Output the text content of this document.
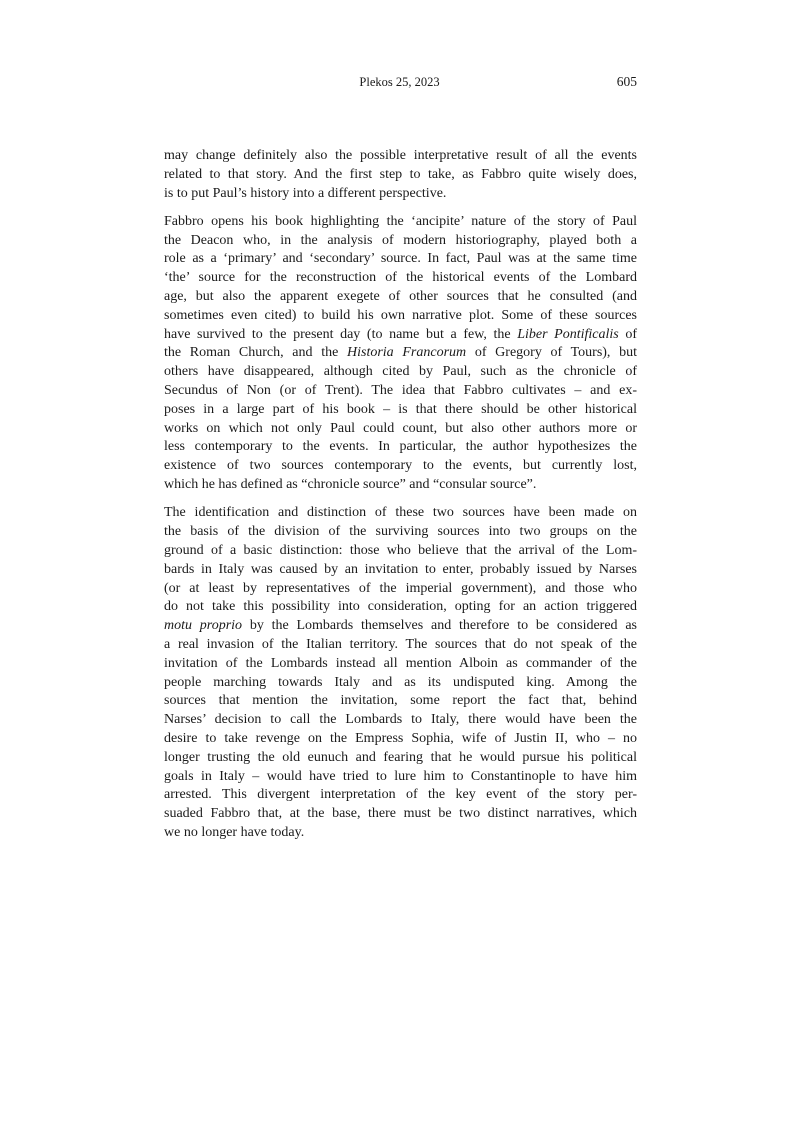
Plekos 25, 2023	605
may change definitely also the possible interpretative result of all the events
related to that story. And the first step to take, as Fabbro quite wisely does,
is to put Paul’s history into a different perspective.
Fabbro opens his book highlighting the ‘ancipite’ nature of the story of Paul
the Deacon who, in the analysis of modern historiography, played both a
role as a ‘primary’ and ‘secondary’ source. In fact, Paul was at the same time
‘the’ source for the reconstruction of the historical events of the Lombard
age, but also the apparent exegete of other sources that he consulted (and
sometimes even cited) to build his own narrative plot. Some of these sources
have survived to the present day (to name but a few, the Liber Pontificalis of
the Roman Church, and the Historia Francorum of Gregory of Tours), but
others have disappeared, although cited by Paul, such as the chronicle of
Secundus of Non (or of Trent). The idea that Fabbro cultivates – and ex-
poses in a large part of his book – is that there should be other historical
works on which not only Paul could count, but also other authors more or
less contemporary to the events. In particular, the author hypothesizes the
existence of two sources contemporary to the events, but currently lost,
which he has defined as “chronicle source” and “consular source”.
The identification and distinction of these two sources have been made on
the basis of the division of the surviving sources into two groups on the
ground of a basic distinction: those who believe that the arrival of the Lom-
bards in Italy was caused by an invitation to enter, probably issued by Narses
(or at least by representatives of the imperial government), and those who
do not take this possibility into consideration, opting for an action triggered
motu proprio by the Lombards themselves and therefore to be considered as
a real invasion of the Italian territory. The sources that do not speak of the
invitation of the Lombards instead all mention Alboin as commander of the
people marching towards Italy and as its undisputed king. Among the
sources that mention the invitation, some report the fact that, behind
Narses’ decision to call the Lombards to Italy, there would have been the
desire to take revenge on the Empress Sophia, wife of Justin II, who – no
longer trusting the old eunuch and fearing that he would pursue his political
goals in Italy – would have tried to lure him to Constantinople to have him
arrested. This divergent interpretation of the key event of the story per-
suaded Fabbro that, at the base, there must be two distinct narratives, which
we no longer have today.
